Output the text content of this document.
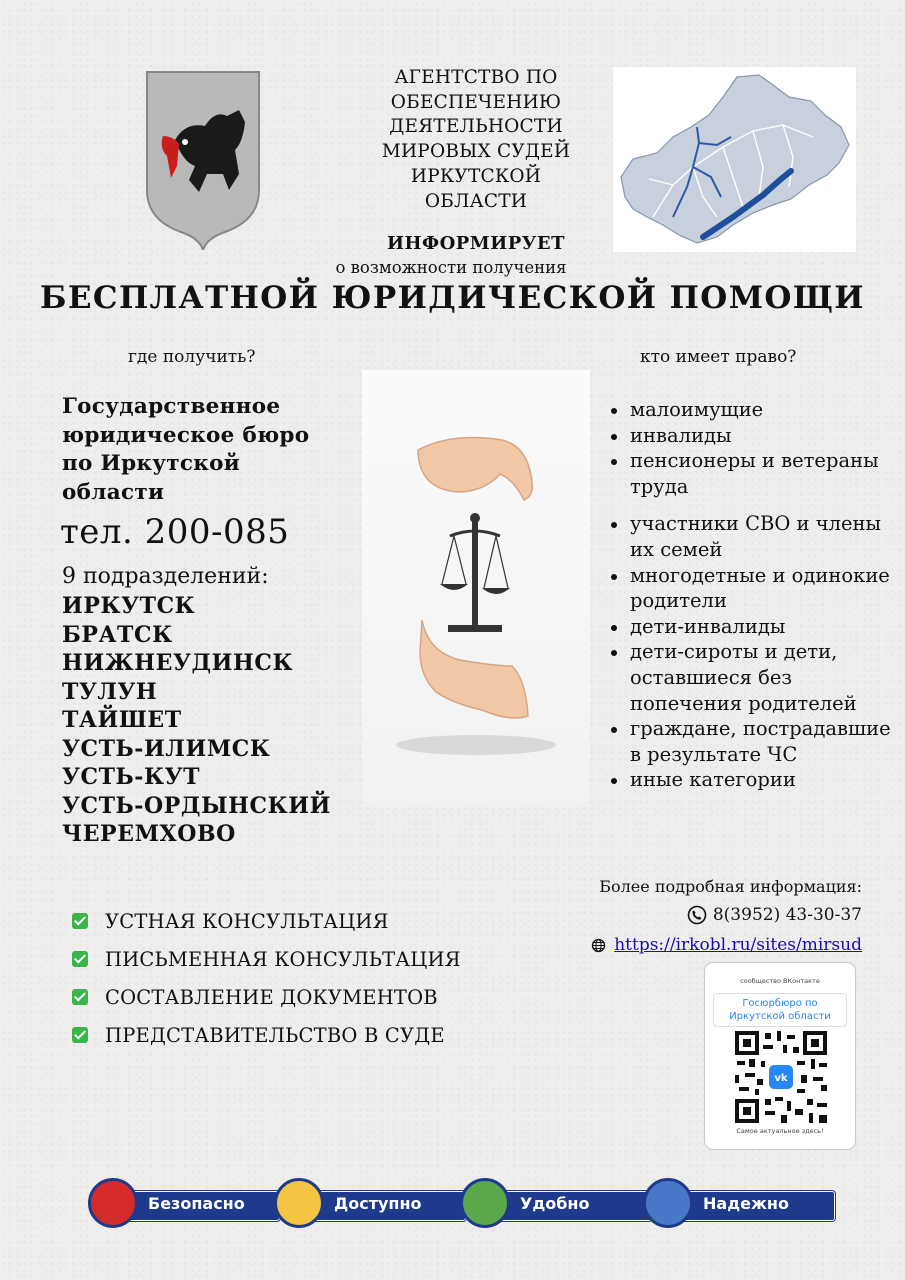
АГЕНТСТВО ПО
ОБЕСПЕЧЕНИЮ
ДЕЯТЕЛЬНОСТИ
МИРОВЫХ СУДЕЙ
ИРКУТСКОЙ
ОБЛАСТИ
ИНФОРМИРУЕТ
о возможности получения
БЕСПЛАТНОЙ ЮРИДИЧЕСКОЙ ПОМОЩИ
где получить?	кто имеет право?
Государственное
юридическое бюро
по Иркутской
области
тел. 200-085
9 подразделений:
ИРКУТСК
БРАТСК
НИЖНЕУДИНСК
ТУЛУН
ТАЙШЕТ
УСТЬ-ИЛИМСК
УСТЬ-КУТ
УСТЬ-ОРДЫНСКИЙ
ЧЕРЕМХОВО
малоимущие
инвалиды
пенсионеры и ветераны труда
участники СВО и члены их семей
многодетные и одинокие родители
дети-инвалиды
дети-сироты и дети, оставшиеся без попечения родителей
граждане, пострадавшие в результате ЧС
иные категории
УСТНАЯ КОНСУЛЬТАЦИЯ
ПИСЬМЕННАЯ КОНСУЛЬТАЦИЯ
СОСТАВЛЕНИЕ ДОКУМЕНТОВ
ПРЕДСТАВИТЕЛЬСТВО В СУДЕ
Более подробная информация:
8(3952) 43-30-37
https://irkobl.ru/sites/mirsud
сообщество ВКонтакте
Госюрбюро по
Иркутской области
vk
Самое актуальное здесь!
Безопасно	Доступно	Удобно	Надежно
